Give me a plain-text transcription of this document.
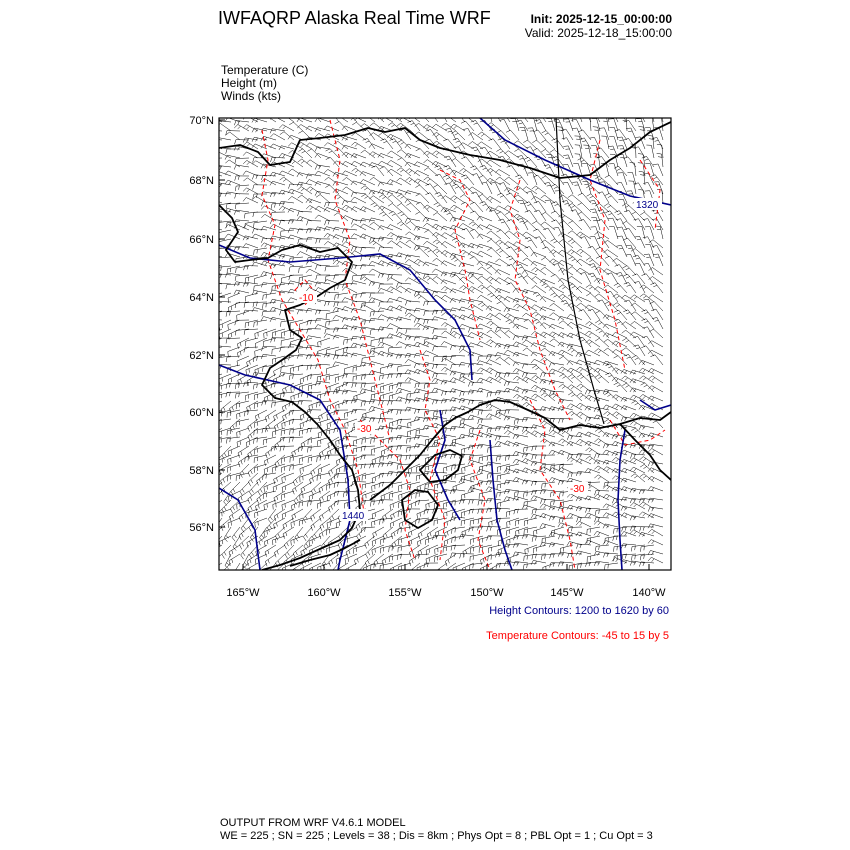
IWFAQRP Alaska Real Time WRF	Init: 2025-12-15_00:00:00
Valid: 2025-12-18_15:00:00
Temperature (C)
Height (m)
Winds (kts)
70°N
68°N
66°N
64°N
62°N
60°N
58°N
56°N
165°W	160°W	155°W	150°W	145°W	140°W
1320
1440
-10
-30
-30
Height Contours: 1200 to 1620 by 60
Temperature Contours: -45 to 15 by 5
OUTPUT FROM WRF V4.6.1 MODEL
WE = 225 ; SN = 225 ; Levels = 38 ; Dis = 8km ; Phys Opt = 8 ; PBL Opt = 1 ; Cu Opt = 3
